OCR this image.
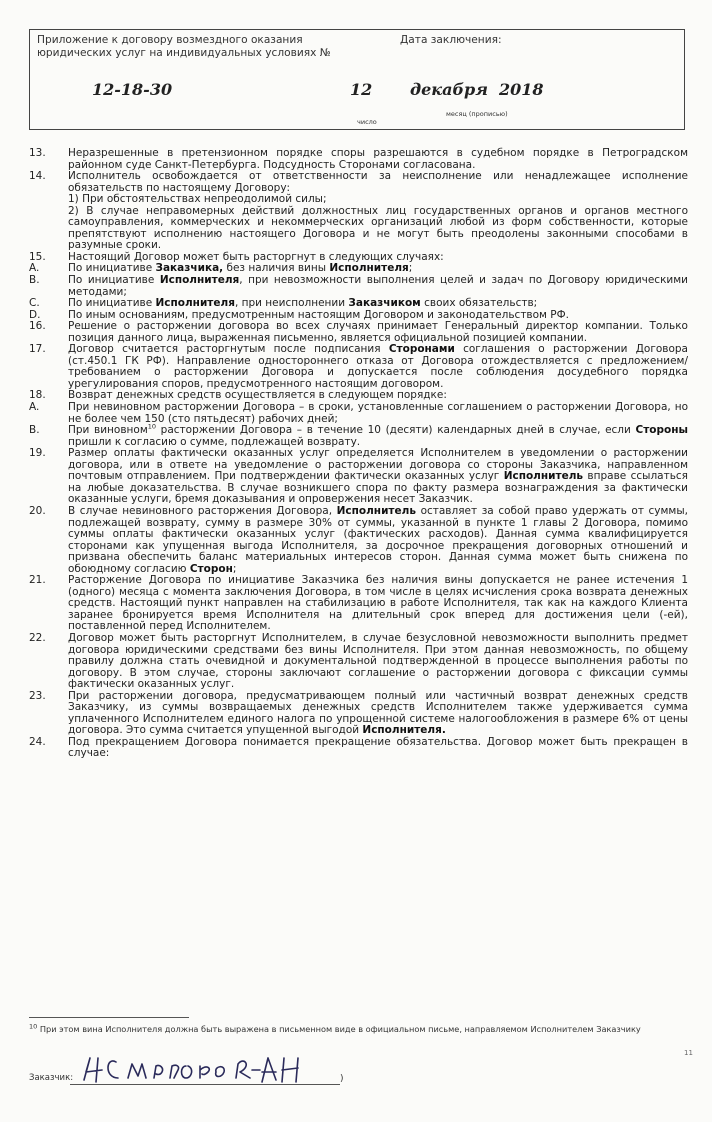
Приложение к договору возмездного оказания юридических услуг на индивидуальных условиях №
Дата заключения:
12-18-30	12 декабря 2018
число
месяц (прописью)
13.	Неразрешенные в претензионном порядке споры разрешаются в судебном порядке в Петроградском районном суде Санкт-Петербурга. Подсудность Сторонами согласована.
14.	Исполнитель освобождается от ответственности за неисполнение или ненадлежащее исполнение обязательств по настоящему Договору:
1) При обстоятельствах непреодолимой силы;
2) В случае неправомерных действий должностных лиц государственных органов и органов местного самоуправления, коммерческих и некоммерческих организаций любой из форм собственности, которые препятствуют исполнению настоящего Договора и не могут быть преодолены законными способами в разумные сроки.
15.	Настоящий Договор может быть расторгнут в следующих случаях:
A.	По инициативе Заказчика, без наличия вины Исполнителя;
B.	По инициативе Исполнителя, при невозможности выполнения целей и задач по Договору юридическими методами;
C.	По инициативе Исполнителя, при неисполнении Заказчиком своих обязательств;
D.	По иным основаниям, предусмотренным настоящим Договором и законодательством РФ.
16.	Решение о расторжении договора во всех случаях принимает Генеральный директор компании. Только позиция данного лица, выраженная письменно, является официальной позицией компании.
17.	Договор считается расторгнутым после подписания Сторонами соглашения о расторжении Договора (ст.450.1 ГК РФ). Направление одностороннего отказа от Договора отождествляется с предложением/требованием о расторжении Договора и допускается после соблюдения досудебного порядка урегулирования споров, предусмотренного настоящим договором.
18.	Возврат денежных средств осуществляется в следующем порядке:
A.	При невиновном расторжении Договора – в сроки, установленные соглашением о расторжении Договора, но не более чем 150 (сто пятьдесят) рабочих дней;
B.	При виновном$^{10}$ расторжении Договора – в течение 10 (десяти) календарных дней в случае, если Стороны пришли к согласию о сумме, подлежащей возврату.
19.	Размер оплаты фактически оказанных услуг определяется Исполнителем в уведомлении о расторжении договора, или в ответе на уведомление о расторжении договора со стороны Заказчика, направленном почтовым отправлением. При подтверждении фактически оказанных услуг Исполнитель вправе ссылаться на любые доказательства. В случае возникшего спора по факту размера вознаграждения за фактически оказанные услуги, бремя доказывания и опровержения несет Заказчик.
20.	В случае невиновного расторжения Договора, Исполнитель оставляет за собой право удержать от суммы, подлежащей возврату, сумму в размере 30% от суммы, указанной в пункте 1 главы 2 Договора, помимо суммы оплаты фактически оказанных услуг (фактических расходов). Данная сумма квалифицируется сторонами как упущенная выгода Исполнителя, за досрочное прекращения договорных отношений и призвана обеспечить баланс материальных интересов сторон. Данная сумма может быть снижена по обоюдному согласию Сторон;
21.	Расторжение Договора по инициативе Заказчика без наличия вины допускается не ранее истечения 1 (одного) месяца с момента заключения Договора, в том числе в целях исчисления срока возврата денежных средств. Настоящий пункт направлен на стабилизацию в работе Исполнителя, так как на каждого Клиента заранее бронируется время Исполнителя на длительный срок вперед для достижения цели (-ей), поставленной перед Исполнителем.
22.	Договор может быть расторгнут Исполнителем, в случае безусловной невозможности выполнить предмет договора юридическими средствами без вины Исполнителя. При этом данная невозможность, по общему правилу должна стать очевидной и документальной подтвержденной в процессе выполнения работы по договору. В этом случае, стороны заключают соглашение о расторжении договора с фиксации суммы фактически оказанных услуг.
23.	При расторжении договора, предусматривающем полный или частичный возврат денежных средств Заказчику, из суммы возвращаемых денежных средств Исполнителем также удерживается сумма уплаченного Исполнителем единого налога по упрощенной системе налогообложения в размере 6% от цены договора. Это сумма считается упущенной выгодой Исполнителя.
24.	Под прекращением Договора понимается прекращение обязательства. Договор может быть прекращен в случае:
$^{10}$ При этом вина Исполнителя должна быть выражена в письменном виде в официальном письме, направляемом Исполнителем Заказчику
11
Заказчик:	)
